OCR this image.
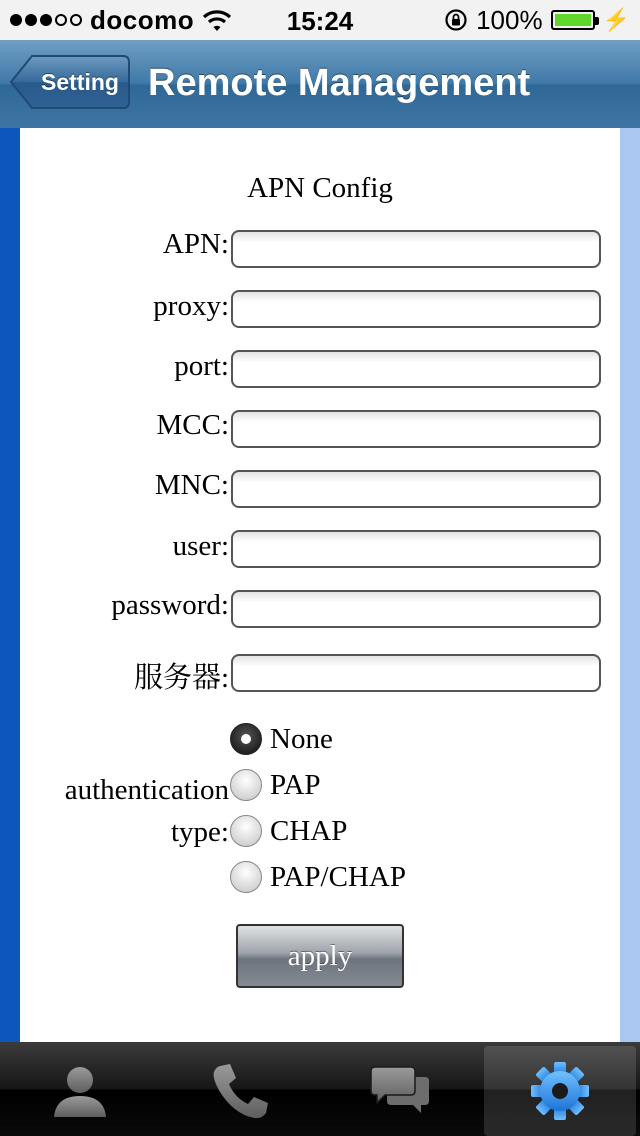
docomo	15:24	100%	⚡
Setting Remote Management
APN Config
APN:
proxy:
port:
MCC:
MNC:
user:
password:
服务器:
authentication
type:
None
PAP
CHAP
PAP/CHAP
apply
